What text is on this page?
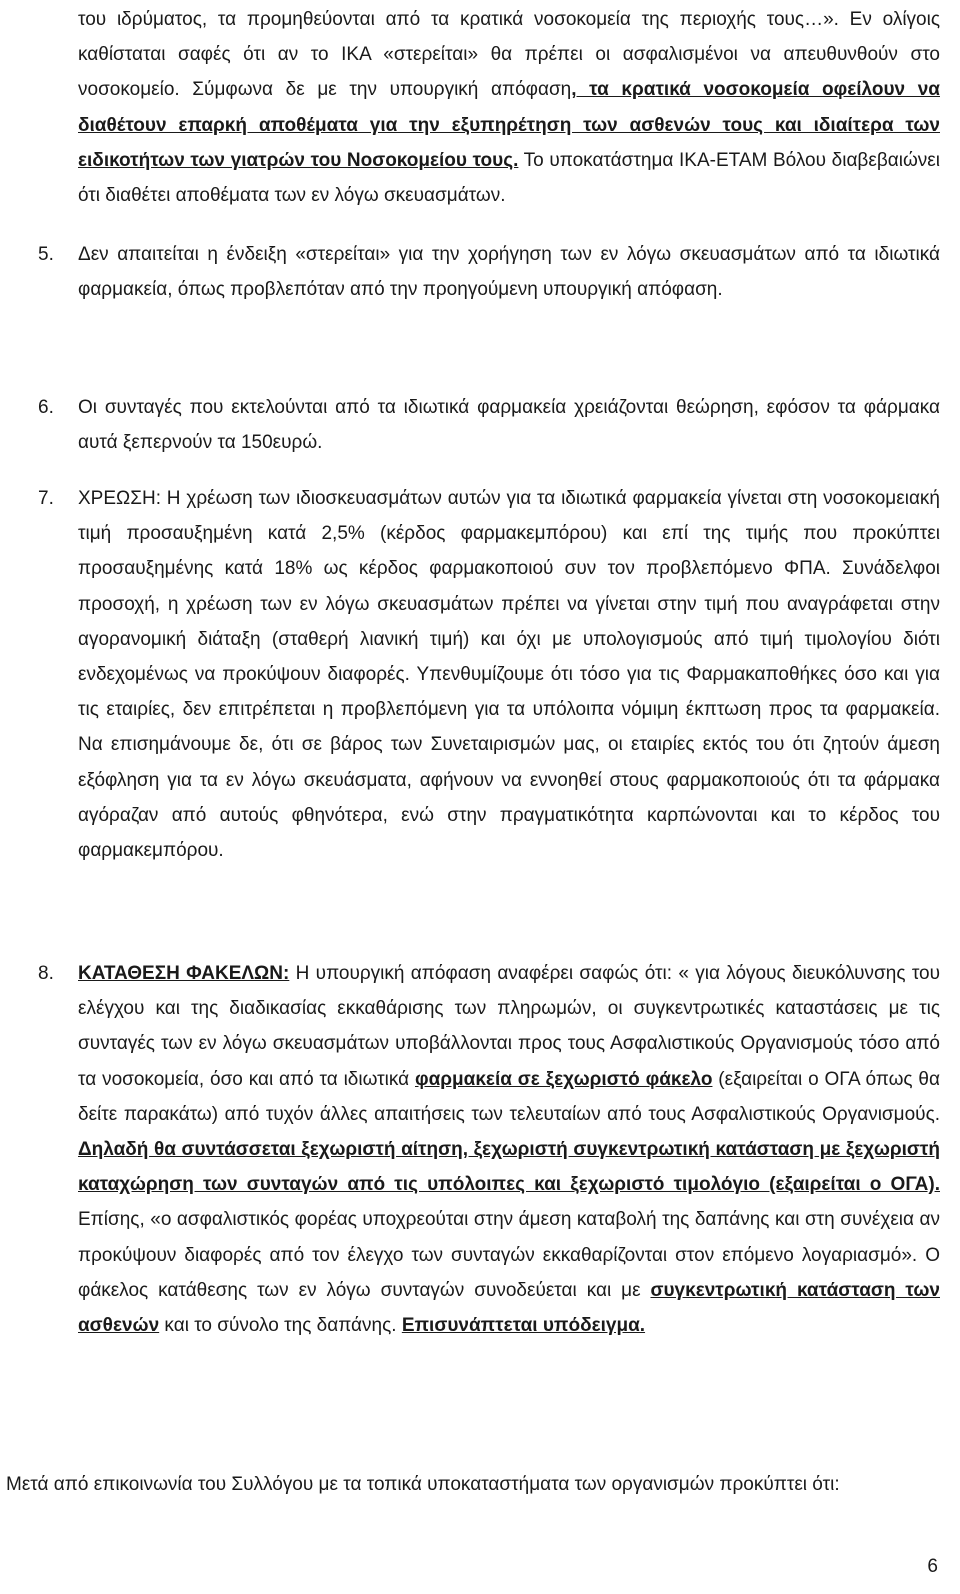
του ιδρύματος, τα προμηθεύονται από τα κρατικά νοσοκομεία της περιοχής τους…». Εν ολίγοις καθίσταται σαφές ότι αν το ΙΚΑ «στερείται» θα πρέπει οι ασφαλισμένοι να απευθυνθούν στο νοσοκομείο. Σύμφωνα δε με την υπουργική απόφαση, τα κρατικά νοσοκομεία οφείλουν να διαθέτουν επαρκή αποθέματα για την εξυπηρέτηση των ασθενών τους και ιδιαίτερα των ειδικοτήτων των γιατρών του Νοσοκομείου τους. Το υποκατάστημα ΙΚΑ-ΕΤΑΜ Βόλου διαβεβαιώνει ότι διαθέτει αποθέματα των εν λόγω σκευασμάτων.

5. Δεν απαιτείται η ένδειξη «στερείται» για την χορήγηση των εν λόγω σκευασμάτων από τα ιδιωτικά φαρμακεία, όπως προβλεπόταν από την προηγούμενη υπουργική απόφαση.

6. Οι συνταγές που εκτελούνται από τα ιδιωτικά φαρμακεία χρειάζονται θεώρηση, εφόσον τα φάρμακα αυτά ξεπερνούν τα 150ευρώ.

7. ΧΡΕΩΣΗ: Η χρέωση των ιδιοσκευασμάτων αυτών για τα ιδιωτικά φαρμακεία γίνεται στη νοσοκομειακή τιμή προσαυξημένη κατά 2,5% (κέρδος φαρμακεμπόρου) και επί της τιμής που προκύπτει προσαυξημένης κατά 18% ως κέρδος φαρμακοποιού συν τον προβλεπόμενο ΦΠΑ. Συνάδελφοι προσοχή, η χρέωση των εν λόγω σκευασμάτων πρέπει να γίνεται στην τιμή που αναγράφεται στην αγορανομική διάταξη (σταθερή λιανική τιμή) και όχι με υπολογισμούς από τιμή τιμολογίου διότι ενδεχομένως να προκύψουν διαφορές. Υπενθυμίζουμε ότι τόσο για τις Φαρμακαποθήκες όσο και για τις εταιρίες, δεν επιτρέπεται η προβλεπόμενη για τα υπόλοιπα νόμιμη έκπτωση προς τα φαρμακεία. Να επισημάνουμε δε, ότι σε βάρος των Συνεταιρισμών μας, οι εταιρίες εκτός του ότι ζητούν άμεση εξόφληση για τα εν λόγω σκευάσματα, αφήνουν να εννοηθεί στους φαρμακοποιούς ότι τα φάρμακα αγόραζαν από αυτούς φθηνότερα, ενώ στην πραγματικότητα καρπώνονται και το κέρδος του φαρμακεμπόρου.

8. ΚΑΤΑΘΕΣΗ ΦΑΚΕΛΩΝ: Η υπουργική απόφαση αναφέρει σαφώς ότι: « για λόγους διευκόλυνσης του ελέγχου και της διαδικασίας εκκαθάρισης των πληρωμών, οι συγκεντρωτικές καταστάσεις με τις συνταγές των εν λόγω σκευασμάτων υποβάλλονται προς τους Ασφαλιστικούς Οργανισμούς τόσο από τα νοσοκομεία, όσο και από τα ιδιωτικά φαρμακεία σε ξεχωριστό φάκελο (εξαιρείται ο ΟΓΑ όπως θα δείτε παρακάτω) από τυχόν άλλες απαιτήσεις των τελευταίων από τους Ασφαλιστικούς Οργανισμούς. Δηλαδή θα συντάσσεται ξεχωριστή αίτηση, ξεχωριστή συγκεντρωτική κατάσταση με ξεχωριστή καταχώρηση των συνταγών από τις υπόλοιπες και ξεχωριστό τιμολόγιο (εξαιρείται ο ΟΓΑ). Επίσης, «ο ασφαλιστικός φορέας υποχρεούται στην άμεση καταβολή της δαπάνης και στη συνέχεια αν προκύψουν διαφορές από τον έλεγχο των συνταγών εκκαθαρίζονται στον επόμενο λογαριασμό». Ο φάκελος κατάθεσης των εν λόγω συνταγών συνοδεύεται και με συγκεντρωτική κατάσταση των ασθενών και το σύνολο της δαπάνης. Επισυνάπτεται υπόδειγμα.

Μετά από επικοινωνία του Συλλόγου με τα τοπικά υποκαταστήματα των οργανισμών προκύπτει ότι:

6
